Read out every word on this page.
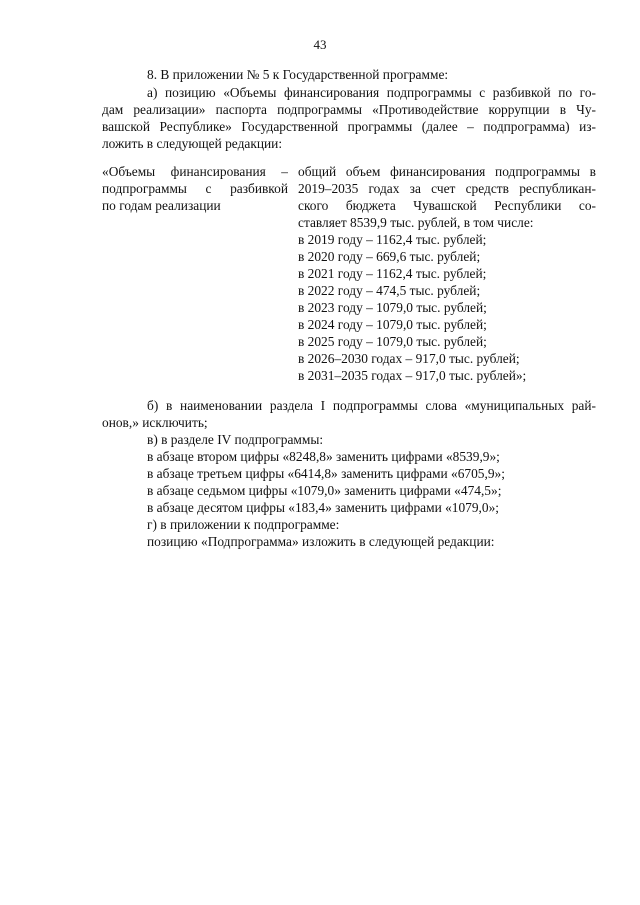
43
8. В приложении № 5 к Государственной программе:
а) позицию «Объемы финансирования подпрограммы с разбивкой по го-
дам реализации» паспорта подпрограммы «Противодействие коррупции в Чу-
вашской Республике» Государственной программы (далее – подпрограмма) из-
ложить в следующей редакции:
«Объемы финансирования –
подпрограммы с разбивкой
по годам реализации
общий объем финансирования подпрограммы в
2019–2035 годах за счет средств республикан-
ского бюджета Чувашской Республики со-
ставляет 8539,9 тыс. рублей, в том числе:
в 2019 году – 1162,4 тыс. рублей;
в 2020 году – 669,6 тыс. рублей;
в 2021 году – 1162,4 тыс. рублей;
в 2022 году – 474,5 тыс. рублей;
в 2023 году – 1079,0 тыс. рублей;
в 2024 году – 1079,0 тыс. рублей;
в 2025 году – 1079,0 тыс. рублей;
в 2026–2030 годах – 917,0 тыс. рублей;
в 2031–2035 годах – 917,0 тыс. рублей»;
б) в наименовании раздела I подпрограммы слова «муниципальных рай-
онов,» исключить;
в) в разделе IV подпрограммы:
в абзаце втором цифры «8248,8» заменить цифрами «8539,9»;
в абзаце третьем цифры «6414,8» заменить цифрами «6705,9»;
в абзаце седьмом цифры «1079,0» заменить цифрами «474,5»;
в абзаце десятом цифры «183,4» заменить цифрами «1079,0»;
г) в приложении к подпрограмме:
позицию «Подпрограмма» изложить в следующей редакции:
